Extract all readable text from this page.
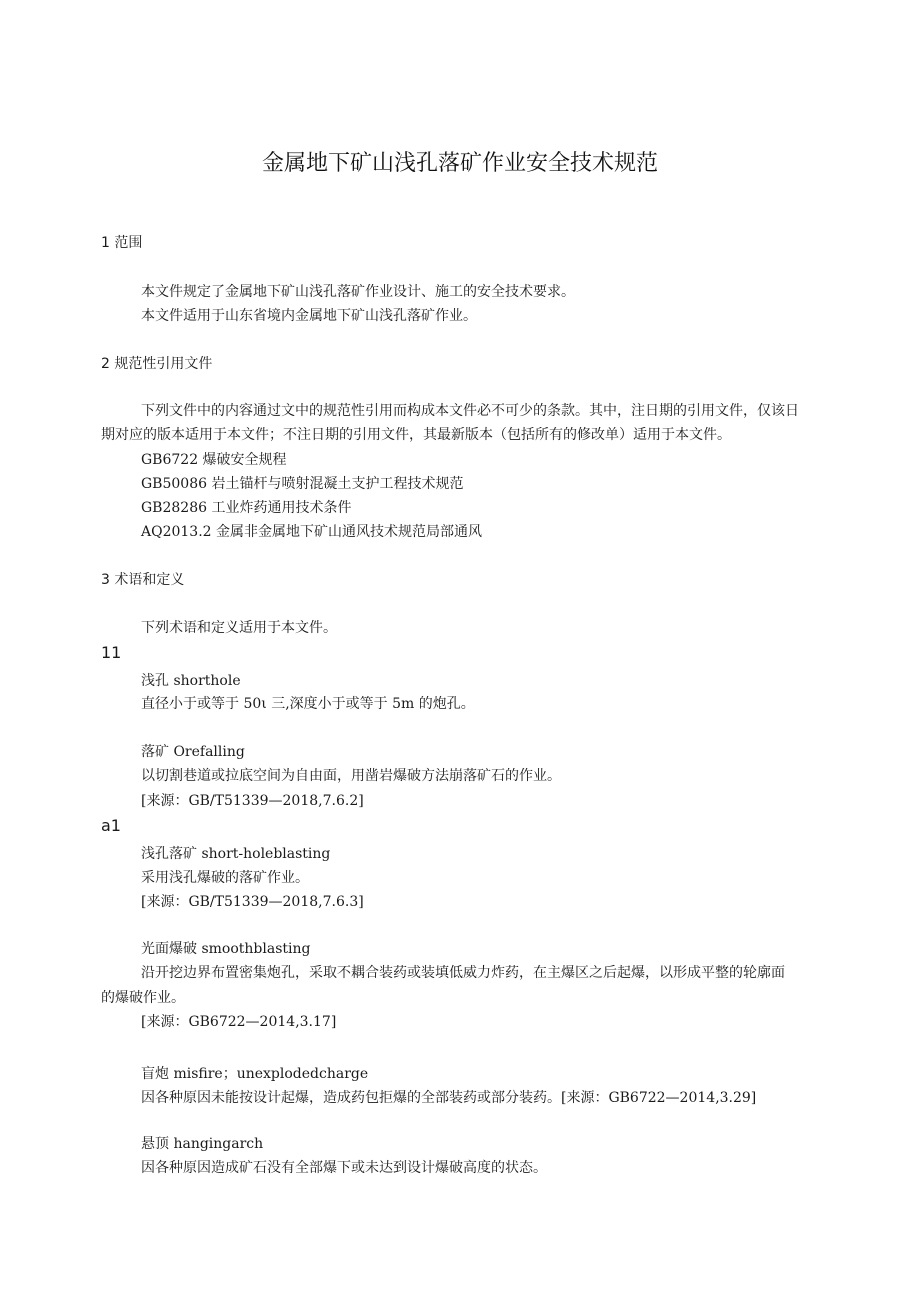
金属地下矿山浅孔落矿作业安全技术规范
1 范围
本文件规定了金属地下矿山浅孔落矿作业设计、施工的安全技术要求。
本文件适用于山东省境内金属地下矿山浅孔落矿作业。
2 规范性引用文件
下列文件中的内容通过文中的规范性引用而构成本文件必不可少的条款。其中，注日期的引用文件，仅该日
期对应的版本适用于本文件；不注日期的引用文件，其最新版本（包括所有的修改单）适用于本文件。
GB6722 爆破安全规程
GB50086 岩土锚杆与喷射混凝土支护工程技术规范
GB28286 工业炸药通用技术条件
AQ2013.2 金属非金属地下矿山通风技术规范局部通风
3 术语和定义
下列术语和定义适用于本文件。
11
浅孔 shorthole
直径小于或等于 50ι 三,深度小于或等于 5m 的炮孔。
落矿 Orefalling
以切割巷道或拉底空间为自由面，用凿岩爆破方法崩落矿石的作业。
[来源：GB/T51339—2018,7.6.2]
a1
浅孔落矿 short-holeblasting
采用浅孔爆破的落矿作业。
[来源：GB/T51339—2018,7.6.3]
光面爆破 smoothblasting
沿开挖边界布置密集炮孔，采取不耦合装药或装填低威力炸药，在主爆区之后起爆，以形成平整的轮廓面
的爆破作业。
[来源：GB6722—2014,3.17]
盲炮 misfire；unexplodedcharge
因各种原因未能按设计起爆，造成药包拒爆的全部装药或部分装药。[来源：GB6722—2014,3.29]
悬顶 hangingarch
因各种原因造成矿石没有全部爆下或未达到设计爆破高度的状态。
